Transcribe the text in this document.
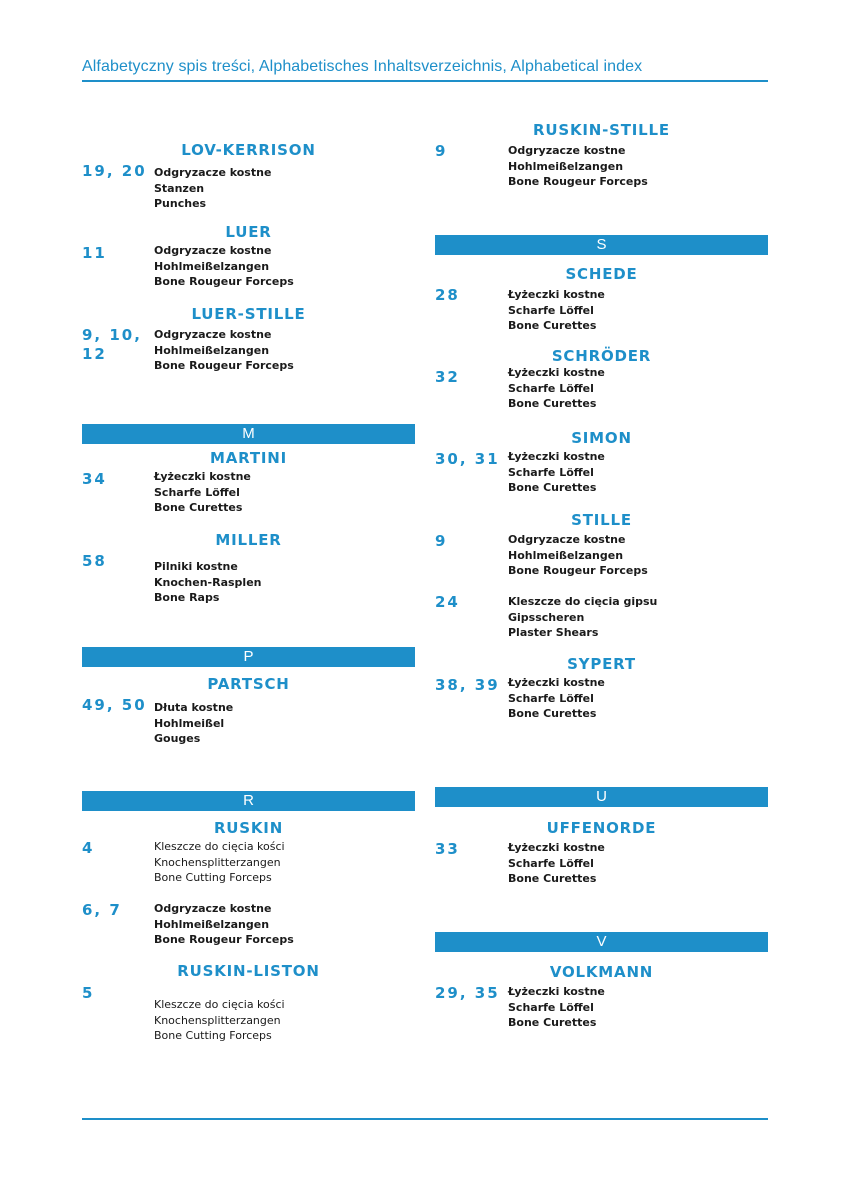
Alfabetyczny spis treści, Alphabetisches Inhaltsverzeichnis, Alphabetical index
LOV-KERRISON
19, 20 Odgryzacze kostne
Stanzen
Punches
LUER
11	Odgryzacze kostne
Hohlmeißelzangen
Bone Rougeur Forceps
LUER-STILLE
9, 10, 12
Odgryzacze kostne
Hohlmeißelzangen
Bone Rougeur Forceps
M
MARTINI
34	Łyżeczki kostne
Scharfe Löffel
Bone Curettes
MILLER
58	Pilniki kostne
Knochen-Rasplen
Bone Raps
P
PARTSCH
49, 50 Dłuta kostne
Hohlmeißel
Gouges
R
RUSKIN
4	Kleszcze do cięcia kości
Knochensplitterzangen
Bone Cutting Forceps
6, 7	Odgryzacze kostne
Hohlmeißelzangen
Bone Rougeur Forceps
RUSKIN-LISTON
5
Kleszcze do cięcia kości
Knochensplitterzangen
Bone Cutting Forceps
RUSKIN-STILLE
9	Odgryzacze kostne
Hohlmeißelzangen
Bone Rougeur Forceps
S
SCHEDE
28	Łyżeczki kostne
Scharfe Löffel
Bone Curettes
SCHRÖDER
32	Łyżeczki kostne
Scharfe Löffel
Bone Curettes
SIMON
30, 31 Łyżeczki kostne
Scharfe Löffel
Bone Curettes
STILLE
9	Odgryzacze kostne
Hohlmeißelzangen
Bone Rougeur Forceps
24	Kleszcze do cięcia gipsu
Gipsscheren
Plaster Shears
SYPERT
38, 39 Łyżeczki kostne
Scharfe Löffel
Bone Curettes
U
UFFENORDE
33	Łyżeczki kostne
Scharfe Löffel
Bone Curettes
V
VOLKMANN
29, 35 Łyżeczki kostne
Scharfe Löffel
Bone Curettes
